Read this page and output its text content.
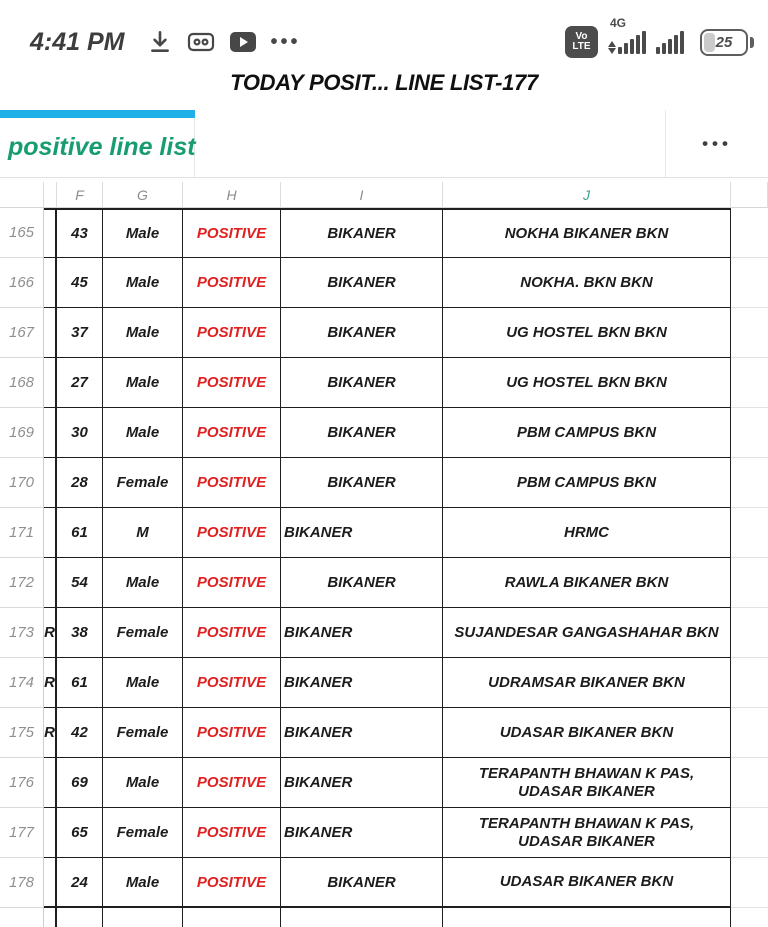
4:41 PM	•••	Vo
LTE
4G
25
TODAY POSIT... LINE LIST-177
positive line list	•••
F	G	H	I	J
165	43	Male	POSITIVE	BIKANER	NOKHA BIKANER BKN
166	45	Male	POSITIVE	BIKANER	NOKHA. BKN BKN
167	37	Male	POSITIVE	BIKANER	UG HOSTEL BKN BKN
168	27	Male	POSITIVE	BIKANER	UG HOSTEL BKN BKN
169	30	Male	POSITIVE	BIKANER	PBM CAMPUS BKN
170	28	Female	POSITIVE	BIKANER	PBM CAMPUS BKN
171	61	M	POSITIVE	BIKANER	HRMC
172	54	Male	POSITIVE	BIKANER	RAWLA BIKANER BKN
173 R	38	Female	POSITIVE	BIKANER	SUJANDESAR GANGASHAHAR BKN
174 R	61	Male	POSITIVE	BIKANER	UDRAMSAR BIKANER BKN
175 R	42	Female	POSITIVE	BIKANER	UDASAR BIKANER BKN
176	69	Male	POSITIVE	BIKANER
TERAPANTH BHAWAN K PAS, UDASAR BIKANER
177	65	Female	POSITIVE	BIKANER
TERAPANTH BHAWAN K PAS, UDASAR BIKANER
178	24	Male	POSITIVE	BIKANER	UDASAR BIKANER BKN
